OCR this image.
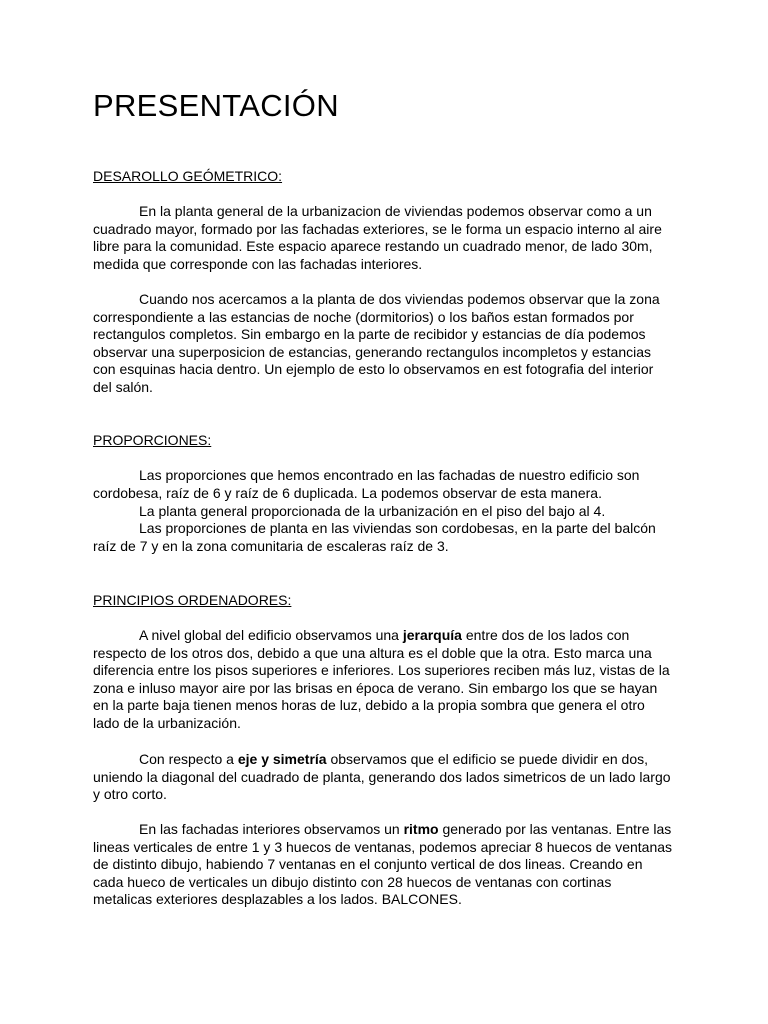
PRESENTACIÓN
DESAROLLO GEÓMETRICO:

En la planta general de la urbanizacion de viviendas podemos observar como a un cuadrado mayor, formado por las fachadas exteriores, se le forma un espacio interno al aire libre para la comunidad. Este espacio aparece restando un cuadrado menor, de lado 30m, medida que corresponde con las fachadas interiores.

Cuando nos acercamos a la planta de dos viviendas podemos observar que la zona correspondiente a las estancias de noche (dormitorios) o los baños estan formados por rectangulos completos. Sin embargo en la parte de recibidor y estancias de día podemos observar una superposicion de estancias, generando rectangulos incompletos y estancias con esquinas hacia dentro. Un ejemplo de esto lo observamos en est fotografia del interior del salón.

PROPORCIONES:

Las proporciones que hemos encontrado en las fachadas de nuestro edificio son cordobesa, raíz de 6 y raíz de 6 duplicada. La podemos observar de esta manera.

La planta general proporcionada de la urbanización en el piso del bajo al 4.

Las proporciones de planta en las viviendas son cordobesas, en la parte del balcón raíz de 7 y en la zona comunitaria de escaleras raíz de 3.

PRINCIPIOS ORDENADORES:

A nivel global del edificio observamos una jerarquía entre dos de los lados con respecto de los otros dos, debido a que una altura es el doble que la otra. Esto marca una diferencia entre los pisos superiores e inferiores. Los superiores reciben más luz, vistas de la zona e inluso mayor aire por las brisas en época de verano. Sin embargo los que se hayan en la parte baja tienen menos horas de luz, debido a la propia sombra que genera el otro lado de la urbanización.

Con respecto a eje y simetría observamos que el edificio se puede dividir en dos, uniendo la diagonal del cuadrado de planta, generando dos lados simetricos de un lado largo y otro corto.

En las fachadas interiores observamos un ritmo generado por las ventanas. Entre las lineas verticales de entre 1 y 3 huecos de ventanas, podemos apreciar 8 huecos de ventanas de distinto dibujo, habiendo 7 ventanas en el conjunto vertical de dos lineas. Creando en cada hueco de verticales un dibujo distinto con 28 huecos de ventanas con cortinas metalicas exteriores desplazables a los lados. BALCONES.
